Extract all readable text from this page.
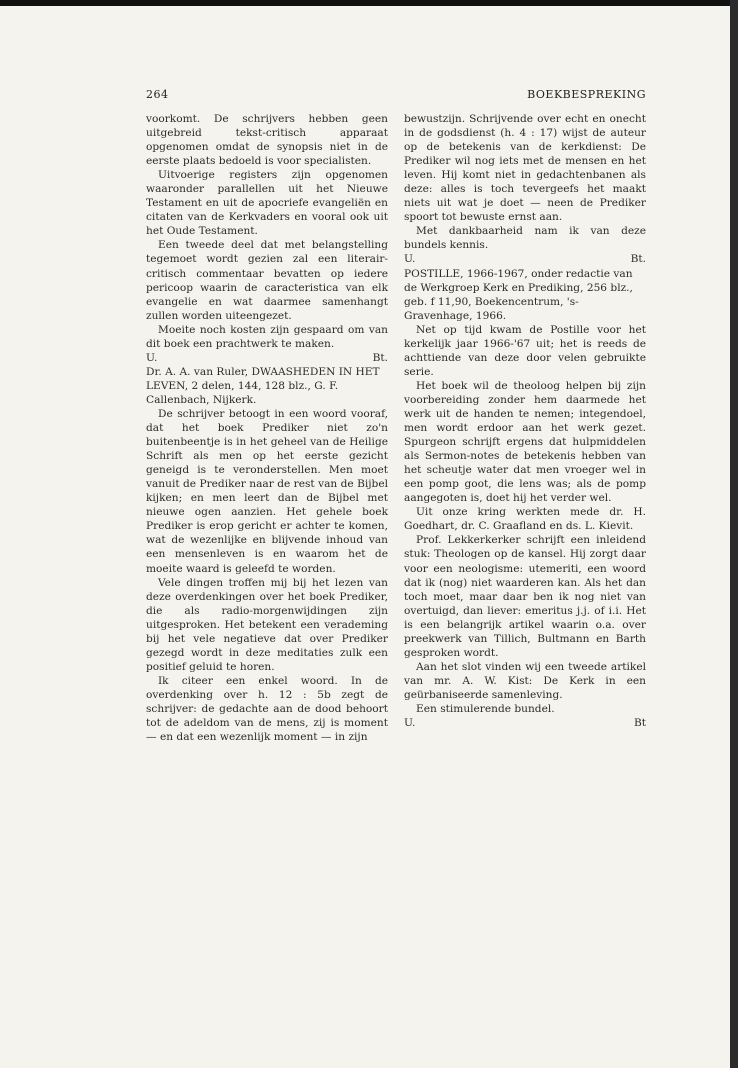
264	BOEKBESPREKING

voorkomt. De schrijvers hebben geen uitgebreid tekst-critisch apparaat opgenomen omdat de synopsis niet in de eerste plaats bedoeld is voor specialisten.

Uitvoerige registers zijn opgenomen waaronder parallellen uit het Nieuwe Testament en uit de apocriefe evangeliën en citaten van de Kerkvaders en vooral ook uit het Oude Testament.

Een tweede deel dat met belangstelling tegemoet wordt gezien zal een literair-critisch commentaar bevatten op iedere pericoop waarin de caracteristica van elk evangelie en wat daarmee samenhangt zullen worden uiteengezet.

Moeite noch kosten zijn gespaard om van dit boek een prachtwerk te maken.

U.	Bt.

Dr. A. A. van Ruler, DWAASHEDEN IN HET LEVEN, 2 delen, 144, 128 blz., G. F. Callenbach, Nijkerk.

De schrijver betoogt in een woord vooraf, dat het boek Prediker niet zo'n buitenbeentje is in het geheel van de Heilige Schrift als men op het eerste gezicht geneigd is te veronderstellen. Men moet vanuit de Prediker naar de rest van de Bijbel kijken; en men leert dan de Bijbel met nieuwe ogen aanzien. Het gehele boek Prediker is erop gericht er achter te komen, wat de wezenlijke en blijvende inhoud van een mensenleven is en waarom het de moeite waard is geleefd te worden.

Vele dingen troffen mij bij het lezen van deze overdenkingen over het boek Prediker, die als radio-morgenwijdingen zijn uitgesproken. Het betekent een verademing bij het vele negatieve dat over Prediker gezegd wordt in deze meditaties zulk een positief geluid te horen.

Ik citeer een enkel woord. In de overdenking over h. 12 : 5b zegt de schrijver: de gedachte aan de dood behoort tot de adeldom van de mens, zij is moment — en dat een wezenlijk moment — in zijn

bewustzijn. Schrijvende over echt en onecht in de godsdienst (h. 4 : 17) wijst de auteur op de betekenis van de kerkdienst: De Prediker wil nog iets met de mensen en het leven. Hij komt niet in gedachtenbanen als deze: alles is toch tevergeefs het maakt niets uit wat je doet — neen de Prediker spoort tot bewuste ernst aan.

Met dankbaarheid nam ik van deze bundels kennis.

U.	Bt.

POSTILLE, 1966-1967, onder redactie van de Werkgroep Kerk en Prediking, 256 blz., geb. f 11,90, Boekencentrum, 's-Gravenhage, 1966.

Net op tijd kwam de Postille voor het kerkelijk jaar 1966-'67 uit; het is reeds de achttiende van deze door velen gebruikte serie.

Het boek wil de theoloog helpen bij zijn voorbereiding zonder hem daarmede het werk uit de handen te nemen; integendoel, men wordt erdoor aan het werk gezet. Spurgeon schrijft ergens dat hulpmiddelen als Sermon-notes de betekenis hebben van het scheutje water dat men vroeger wel in een pomp goot, die lens was; als de pomp aangegoten is, doet hij het verder wel.

Uit onze kring werkten mede dr. H. Goedhart, dr. C. Graafland en ds. L. Kievit.

Prof. Lekkerkerker schrijft een inleidend stuk: Theologen op de kansel. Hij zorgt daar voor een neologisme: utemeriti, een woord dat ik (nog) niet waarderen kan. Als het dan toch moet, maar daar ben ik nog niet van overtuigd, dan liever: emeritus j.j. of i.i. Het is een belangrijk artikel waarin o.a. over preekwerk van Tillich, Bultmann en Barth gesproken wordt.

Aan het slot vinden wij een tweede artikel van mr. A. W. Kist: De Kerk in een geürbaniseerde samenleving.

Een stimulerende bundel.

U.	Bt
